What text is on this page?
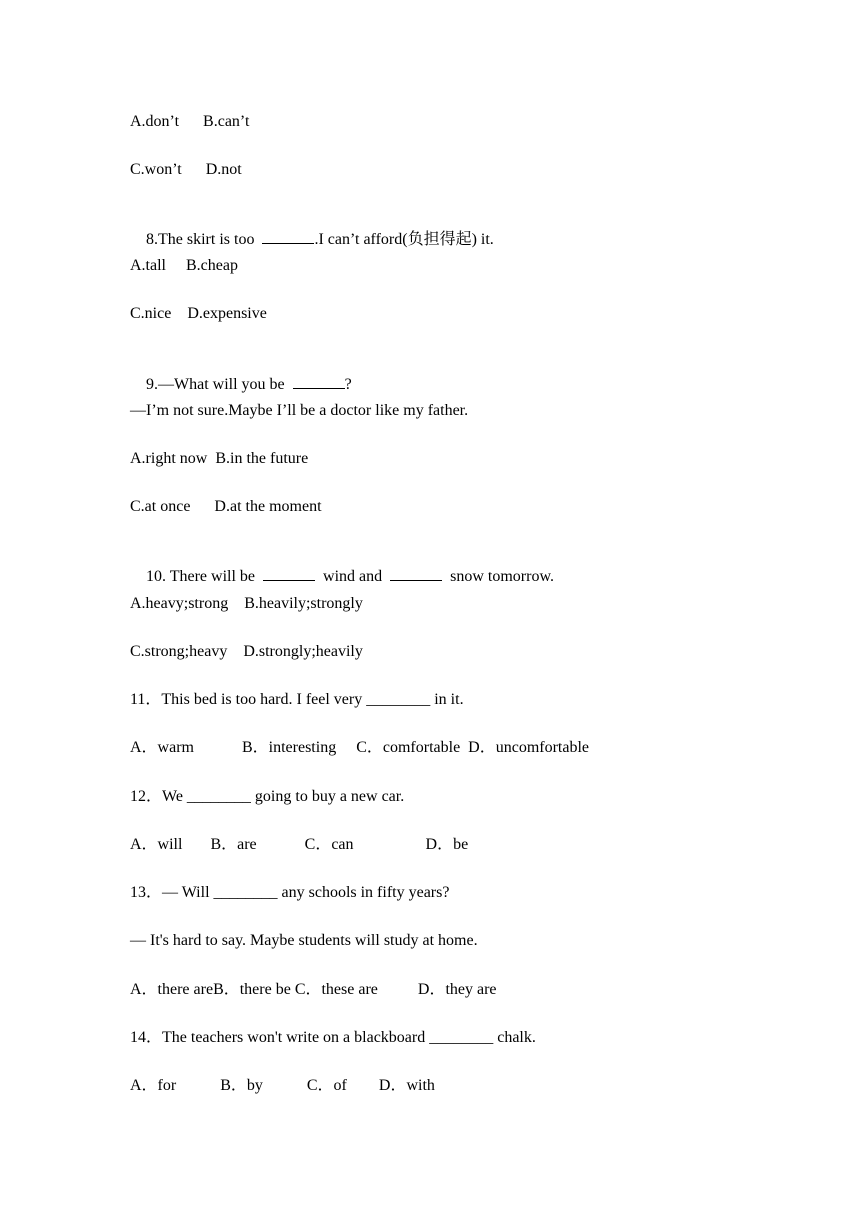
A.don’t      B.can’t
C.won’t      D.not

8.The skirt is too	.I can’t afford(负担得起) it.

A.tall     B.cheap
C.nice    D.expensive

9.—What will you be	?

—I’m not sure.Maybe I’ll be a doctor like my father.
A.right now  B.in the future
C.at once      D.at the moment

10. There will be	wind and	snow tomorrow.

A.heavy;strong    B.heavily;strongly
C.strong;heavy    D.strongly;heavily
11．This bed is too hard. I feel very ________ in it.
A．warm            B．interesting     C．comfortable  D．uncomfortable
12．We ________ going to buy a new car.
A．will       B．are            C．can                  D．be
13．— Will ________ any schools in fifty years?
— It's hard to say. Maybe students will study at home.
A．there areB．there be C．these are          D．they are
14．The teachers won't write on a blackboard ________ chalk.
A．for           B．by           C．of        D．with
